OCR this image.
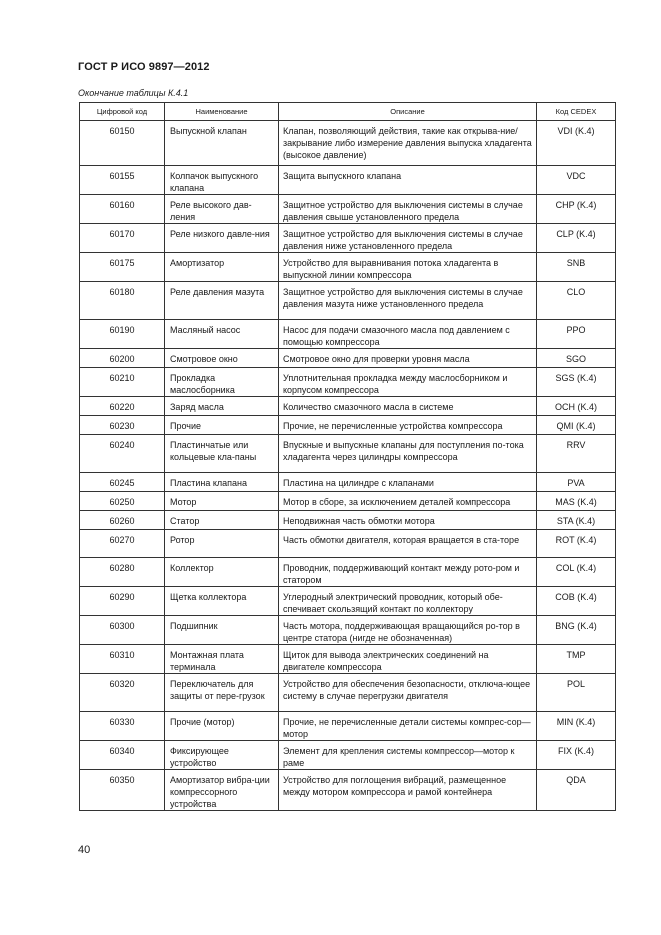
ГОСТ Р ИСО 9897—2012
Окончание таблицы К.4.1
Цифровой код	Наименование	Описание	Код CEDEX
60150	Выпускной клапан	Клапан, позволяющий действия, такие как открыва-ние/закрывание либо измерение давления выпуска хладагента (высокое давление)	VDI (K.4)
60155	Колпачок выпускного клапана	Защита выпускного клапана	VDC
60160	Реле высокого дав-ления	Защитное устройство для выключения системы в случае давления свыше установленного предела	CHP (K.4)
60170	Реле низкого давле-ния	Защитное устройство для выключения системы в случае давления ниже установленного предела	CLP (K.4)
60175	Амортизатор	Устройство для выравнивания потока хладагента в выпускной линии компрессора	SNB
60180	Реле давления мазута	Защитное устройство для выключения системы в случае давления мазута ниже установленного предела	CLO
60190	Масляный насос	Насос для подачи смазочного масла под давлением с помощью компрессора	PPO
60200	Смотровое окно	Смотровое окно для проверки уровня масла	SGO
60210	Прокладка маслосборника	Уплотнительная прокладка между маслосборником и корпусом компрессора	SGS (K.4)
60220	Заряд масла	Количество смазочного масла в системе	OCH (K.4)
60230	Прочие	Прочие, не перечисленные устройства компрессора	QMI (K.4)
60240	Пластинчатые или кольцевые кла-паны	Впускные и выпускные клапаны для поступления по-тока хладагента через цилиндры компрессора	RRV
60245	Пластина клапана	Пластина на цилиндре с клапанами	PVA
60250	Мотор	Мотор в сборе, за исключением деталей компрессора	MAS (K.4)
60260	Статор	Неподвижная часть обмотки мотора	STA (K.4)
60270	Ротор	Часть обмотки двигателя, которая вращается в ста-торе	ROT (K.4)
60280	Коллектор	Проводник, поддерживающий контакт между рото-ром и статором	COL (K.4)
60290	Щетка коллектора	Углеродный электрический проводник, который обе-спечивает скользящий контакт по коллектору	COB (K.4)
60300	Подшипник	Часть мотора, поддерживающая вращающийся ро-тор в центре статора (нигде не обозначенная)	BNG (K.4)
60310	Монтажная плата терминала	Щиток для вывода электрических соединений на двигателе компрессора	TMP
60320	Переключатель для защиты от пере-грузок	Устройство для обеспечения безопасности, отключа-ющее систему в случае перегрузки двигателя	POL
60330	Прочие (мотор)	Прочие, не перечисленные детали системы компрес-сор—мотор	MIN (K.4)
60340	Фиксирующее устройство	Элемент для крепления системы компрессор—мотор к раме	FIX (K.4)
60350	Амортизатор вибра-ции компрессорного устройства	Устройство для поглощения вибраций, размещенное между мотором компрессора и рамой контейнера	QDA
40
